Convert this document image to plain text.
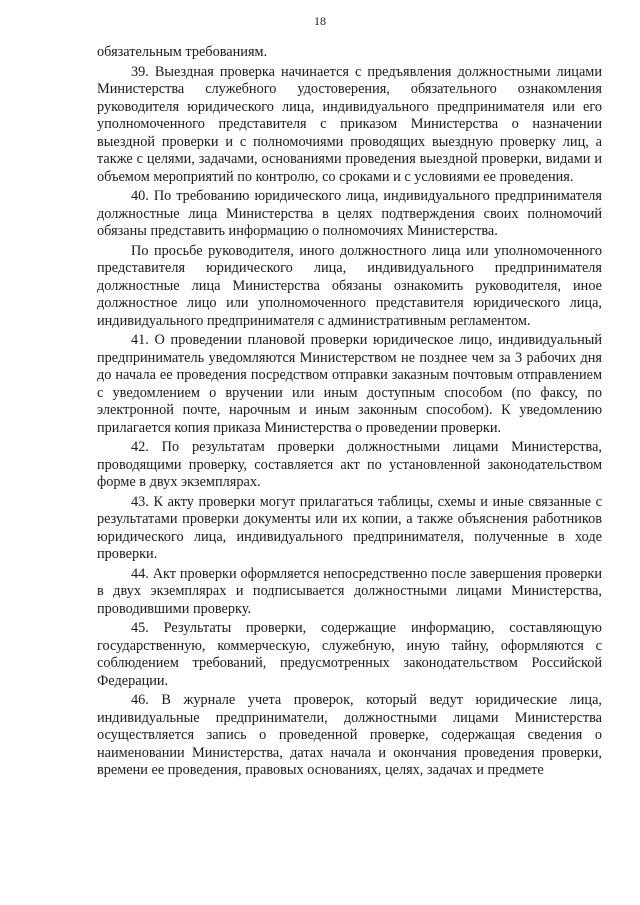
18

обязательным требованиям.

39. Выездная проверка начинается с предъявления должностными лицами Министерства служебного удостоверения, обязательного ознакомления руководителя юридического лица, индивидуального предпринимателя или его уполномоченного представителя с приказом Министерства о назначении выездной проверки и с полномочиями проводящих выездную проверку лиц, а также с целями, задачами, основаниями проведения выездной проверки, видами и объемом мероприятий по контролю, со сроками и с условиями ее проведения.

40. По требованию юридического лица, индивидуального предпринимателя должностные лица Министерства в целях подтверждения своих полномочий обязаны представить информацию о полномочиях Министерства.

По просьбе руководителя, иного должностного лица или уполномоченного представителя юридического лица, индивидуального предпринимателя должностные лица Министерства обязаны ознакомить руководителя, иное должностное лицо или уполномоченного представителя юридического лица, индивидуального предпринимателя с административным регламентом.

41. О проведении плановой проверки юридическое лицо, индивидуальный предприниматель уведомляются Министерством не позднее чем за 3 рабочих дня до начала ее проведения посредством отправки заказным почтовым отправлением с уведомлением о вручении или иным доступным способом (по факсу, по электронной почте, нарочным и иным законным способом). К уведомлению прилагается копия приказа Министерства о проведении проверки.

42. По результатам проверки должностными лицами Министерства, проводящими проверку, составляется акт по установленной законодательством форме в двух экземплярах.

43. К акту проверки могут прилагаться таблицы, схемы и иные связанные с результатами проверки документы или их копии, а также объяснения работников юридического лица, индивидуального предпринимателя, полученные в ходе проверки.

44. Акт проверки оформляется непосредственно после завершения проверки в двух экземплярах и подписывается должностными лицами Министерства, проводившими проверку.

45. Результаты проверки, содержащие информацию, составляющую государственную, коммерческую, служебную, иную тайну, оформляются с соблюдением требований, предусмотренных законодательством Российской Федерации.

46. В журнале учета проверок, который ведут юридические лица, индивидуальные предприниматели, должностными лицами Министерства осуществляется запись о проведенной проверке, содержащая сведения о наименовании Министерства, датах начала и окончания проведения проверки, времени ее проведения, правовых основаниях, целях, задачах и предмете
